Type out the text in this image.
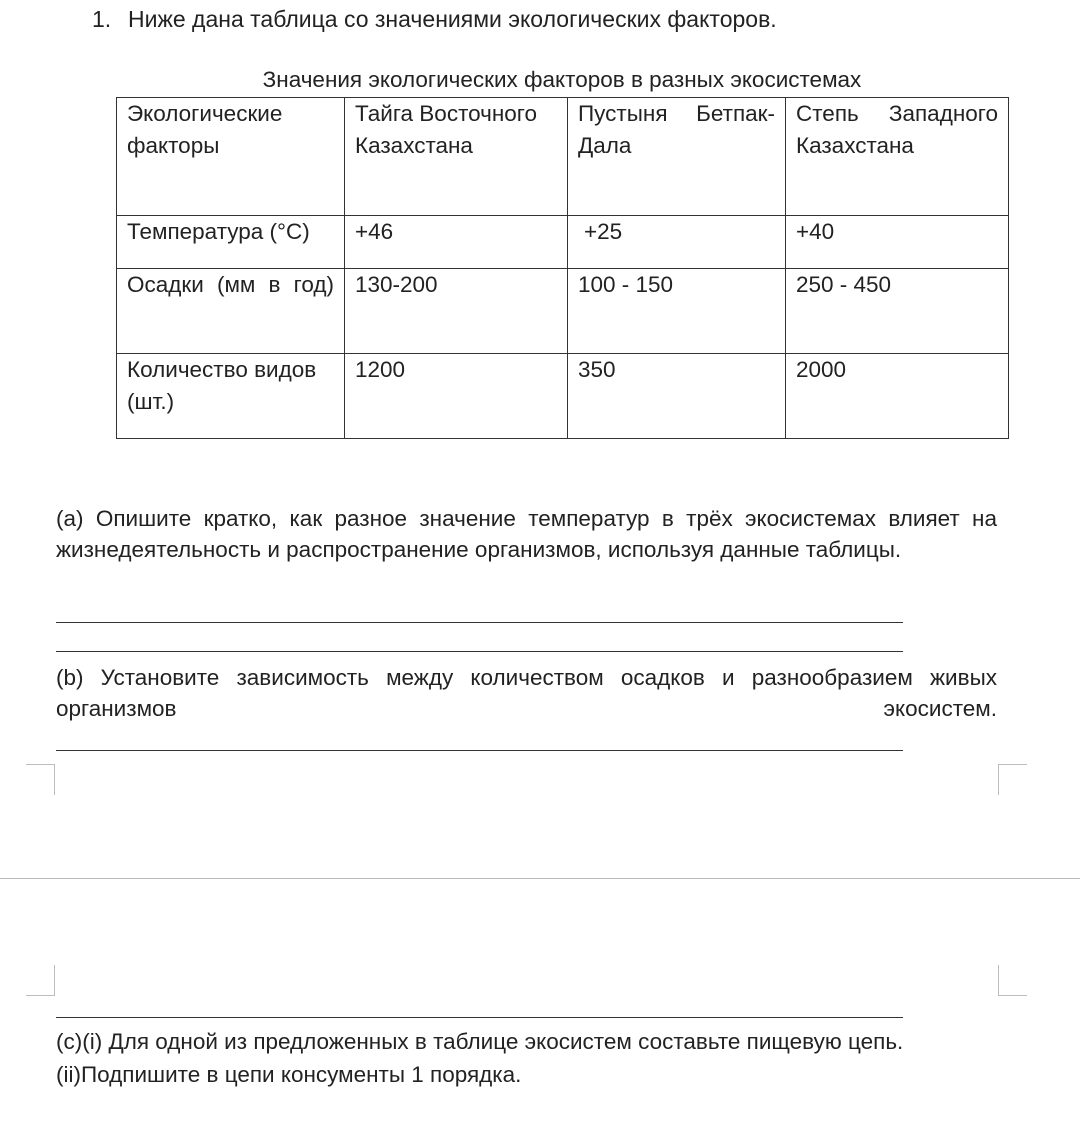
1. Ниже дана таблица со значениями экологических факторов.
Значения экологических факторов в разных экосистемах
Экологические факторы	Тайга Восточного Казахстана	Пустыня Бетпак-Дала	Степь Западного Казахстана
Температура (°С)	+46	+25	+40
Осадки (мм в год)	130-200	100 - 150	250 - 450
Количество видов (шт.)	1200	350	2000
(a) Опишите кратко, как разное значение температур в трёх экосистемах влияет на жизнедеятельность и распространение организмов, используя данные таблицы.
(b) Установите зависимость между количеством осадков и разнообразием живых организмов экосистем.
(c)(i) Для одной из предложенных в таблице экосистем составьте пищевую цепь.
(ii)Подпишите в цепи консументы 1 порядка.
